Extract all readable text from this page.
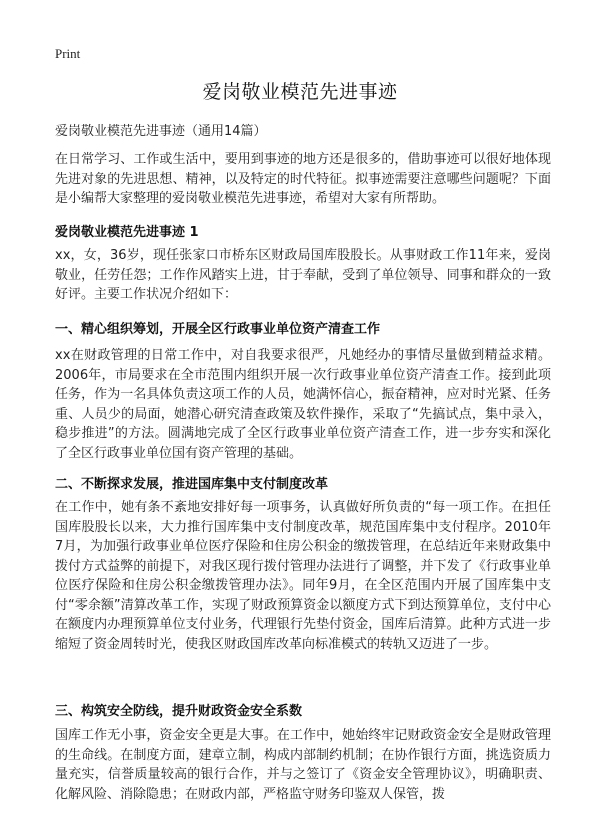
Print
爱岗敬业模范先进事迹
爱岗敬业模范先进事迹（通用14篇）
在日常学习、工作或生活中，要用到事迹的地方还是很多的，借助事迹可以很好地体现先进对象的先进思想、精神，以及特定的时代特征。拟事迹需要注意哪些问题呢？下面是小编帮大家整理的爱岗敬业模范先进事迹，希望对大家有所帮助。
爱岗敬业模范先进事迹 1
xx，女，36岁，现任张家口市桥东区财政局国库股股长。从事财政工作11年来，爱岗敬业，任劳任怨；工作作风踏实上进，甘于奉献，受到了单位领导、同事和群众的一致好评。主要工作状况介绍如下：
一、精心组织筹划，开展全区行政事业单位资产清查工作
xx在财政管理的日常工作中，对自我要求很严，凡她经办的事情尽量做到精益求精。2006年，市局要求在全市范围内组织开展一次行政事业单位资产清查工作。接到此项任务，作为一名具体负责这项工作的人员，她满怀信心，振奋精神，应对时光紧、任务重、人员少的局面，她潜心研究清查政策及软件操作，采取了“先搞试点，集中录入，稳步推进”的方法。圆满地完成了全区行政事业单位资产清查工作，进一步夯实和深化了全区行政事业单位国有资产管理的基础。
二、不断探求发展，推进国库集中支付制度改革
在工作中，她有条不紊地安排好每一项事务，认真做好所负责的“每一项工作。在担任国库股股长以来，大力推行国库集中支付制度改革，规范国库集中支付程序。2010年7月，为加强行政事业单位医疗保险和住房公积金的缴拨管理，在总结近年来财政集中拨付方式益弊的前提下，对我区现行拨付管理办法进行了调整，并下发了《行政事业单位医疗保险和住房公积金缴拨管理办法》。同年9月，在全区范围内开展了国库集中支付“零余额”清算改革工作，实现了财政预算资金以额度方式下到达预算单位，支付中心在额度内办理预算单位支付业务，代理银行先垫付资金，国库后清算。此种方式进一步缩短了资金周转时光，使我区财政国库改革向标准模式的转轨又迈进了一步。
三、构筑安全防线，提升财政资金安全系数
国库工作无小事，资金安全更是大事。在工作中，她始终牢记财政资金安全是财政管理的生命线。在制度方面，建章立制，构成内部制约机制；在协作银行方面，挑选资质力量充实，信誉质量较高的银行合作，并与之签订了《资金安全管理协议》，明确职责、化解风险、消除隐患；在财政内部，严格监守财务印鉴双人保管，拨
